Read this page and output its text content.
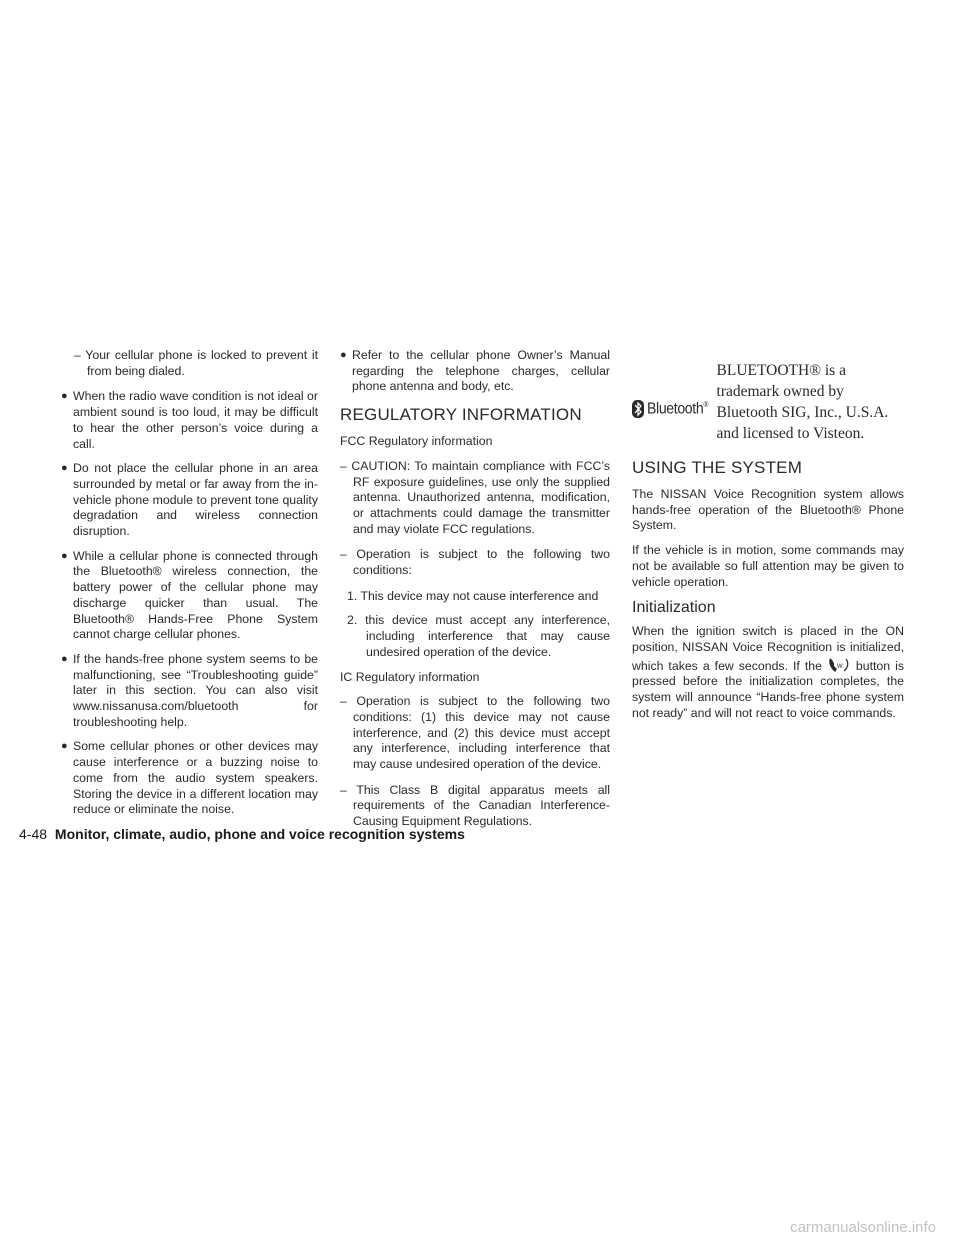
– Your cellular phone is locked to prevent it from being dialed.

● When the radio wave condition is not ideal or ambient sound is too loud, it may be difficult to hear the other person’s voice during a call.

● Do not place the cellular phone in an area surrounded by metal or far away from the in-vehicle phone module to prevent tone quality degradation and wireless connection disruption.

● While a cellular phone is connected through the Bluetooth® wireless connection, the battery power of the cellular phone may discharge quicker than usual. The Bluetooth® Hands-Free Phone System cannot charge cellular phones.

● If the hands-free phone system seems to be malfunctioning, see “Troubleshooting guide” later in this section. You can also visit www.nissanusa.com/bluetooth for troubleshooting help.

● Some cellular phones or other devices may cause interference or a buzzing noise to come from the audio system speakers. Storing the device in a different location may reduce or eliminate the noise.

● Refer to the cellular phone Owner’s Manual regarding the telephone charges, cellular phone antenna and body, etc.

REGULATORY INFORMATION

FCC Regulatory information

– CAUTION: To maintain compliance with FCC’s RF exposure guidelines, use only the supplied antenna. Unauthorized antenna, modification, or attachments could damage the transmitter and may violate FCC regulations.

– Operation is subject to the following two conditions:

1. This device may not cause interference and

2. this device must accept any interference, including interference that may cause undesired operation of the device.

IC Regulatory information

– Operation is subject to the following two conditions: (1) this device may not cause interference, and (2) this device must accept any interference, including interference that may cause undesired operation of the device.

– This Class B digital apparatus meets all requirements of the Canadian Interference-Causing Equipment Regulations.

Bluetooth®
BLUETOOTH® is a trademark owned by Bluetooth SIG, Inc., U.S.A. and licensed to Visteon.
USING THE SYSTEM

The NISSAN Voice Recognition system allows hands-free operation of the Bluetooth® Phone System.

If the vehicle is in motion, some commands may not be available so full attention may be given to vehicle operation.

Initialization

When the ignition switch is placed in the ON position, NISSAN Voice Recognition is initialized, which takes a few seconds. If the	W button is pressed before the initialization completes, the system will announce “Hands-free phone system not ready” and will not react to voice commands.

4-48 Monitor, climate, audio, phone and voice recognition systems
carmanualsonline.info
